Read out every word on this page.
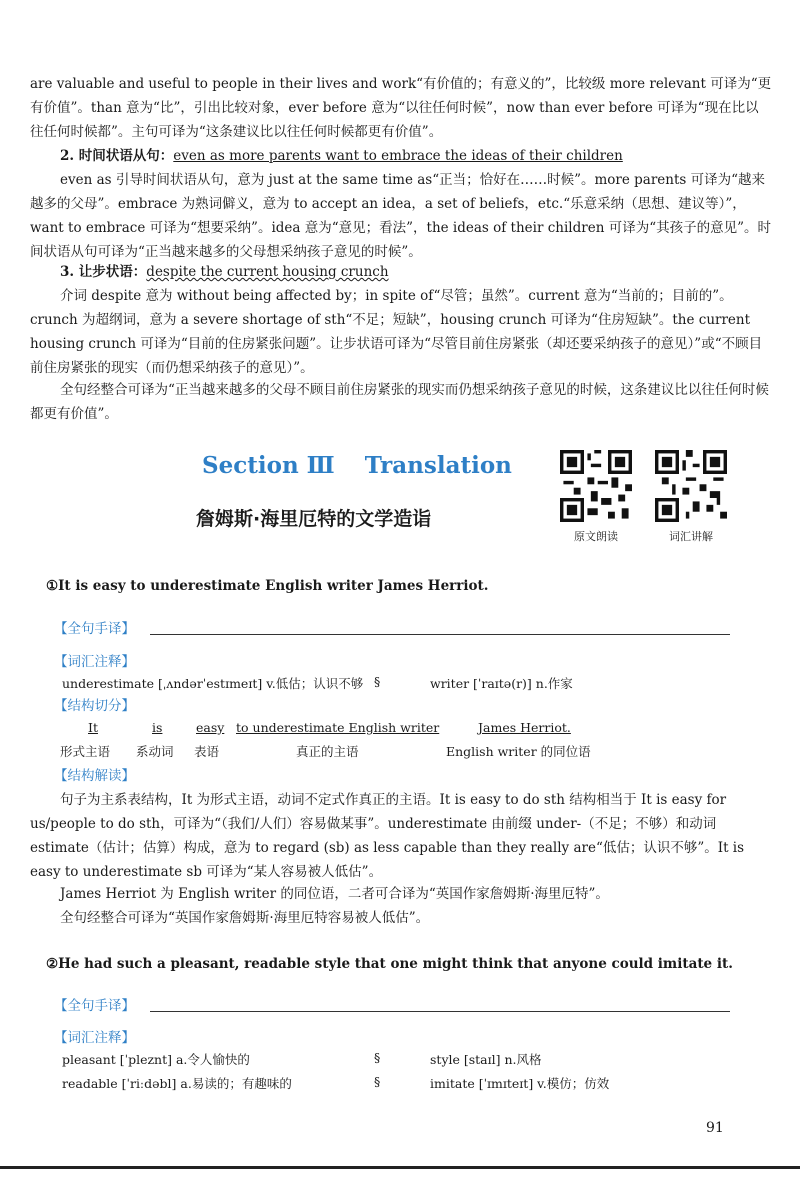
are valuable and useful to people in their lives and work“有价值的；有意义的”，比较级 more relevant 可译为“更有价值”。than 意为“比”，引出比较对象，ever before 意为“以往任何时候”，now than ever before 可译为“现在比以往任何时候都”。主句可译为“这条建议比以往任何时候都更有价值”。
2. 时间状语从句：even as more parents want to embrace the ideas of their children
even as 引导时间状语从句，意为 just at the same time as“正当；恰好在……时候”。more parents 可译为“越来越多的父母”。embrace 为熟词僻义，意为 to accept an idea，a set of beliefs，etc.“乐意采纳（思想、建议等）”，want to embrace 可译为“想要采纳”。idea 意为“意见；看法”，the ideas of their children 可译为“其孩子的意见”。时间状语从句可译为“正当越来越多的父母想采纳孩子意见的时候”。
3. 让步状语：despite the current housing crunch
介词 despite 意为 without being affected by；in spite of“尽管；虽然”。current 意为“当前的；目前的”。crunch 为超纲词，意为 a severe shortage of sth“不足；短缺”，housing crunch 可译为“住房短缺”。the current housing crunch 可译为“目前的住房紧张问题”。让步状语可译为“尽管目前住房紧张（却还要采纳孩子的意见）”或“不顾目前住房紧张的现实（而仍想采纳孩子的意见）”。
全句经整合可译为“正当越来越多的父母不顾目前住房紧张的现实而仍想采纳孩子意见的时候，这条建议比以往任何时候都更有价值”。
Section Ⅲ Translation
詹姆斯·海里厄特的文学造诣
原文朗读	词汇讲解
①It is easy to underestimate English writer James Herriot.
【全句手译】
【词汇注释】
underestimate [ˌʌndərˈestɪmeɪt] v.低估；认识不够 §	writer [ˈraɪtə(r)] n.作家
【结构切分】
It	is	easy to underestimate English writer	James Herriot.
形式主语 系动词 表语	真正的主语	English writer 的同位语
【结构解读】
句子为主系表结构，It 为形式主语，动词不定式作真正的主语。It is easy to do sth 结构相当于 It is easy for us/people to do sth，可译为“（我们/人们）容易做某事”。underestimate 由前缀 under-（不足；不够）和动词 estimate（估计；估算）构成，意为 to regard (sb) as less capable than they really are“低估；认识不够”。It is easy to underestimate sb 可译为“某人容易被人低估”。
James Herriot 为 English writer 的同位语，二者可合译为“英国作家詹姆斯·海里厄特”。
全句经整合可译为“英国作家詹姆斯·海里厄特容易被人低估”。
②He had such a pleasant, readable style that one might think that anyone could imitate it.
【全句手译】
【词汇注释】
pleasant [ˈpleznt] a.令人愉快的	§	style [staɪl] n.风格
readable [ˈriːdəbl] a.易读的；有趣味的	§	imitate [ˈɪmɪteɪt] v.模仿；仿效
91
